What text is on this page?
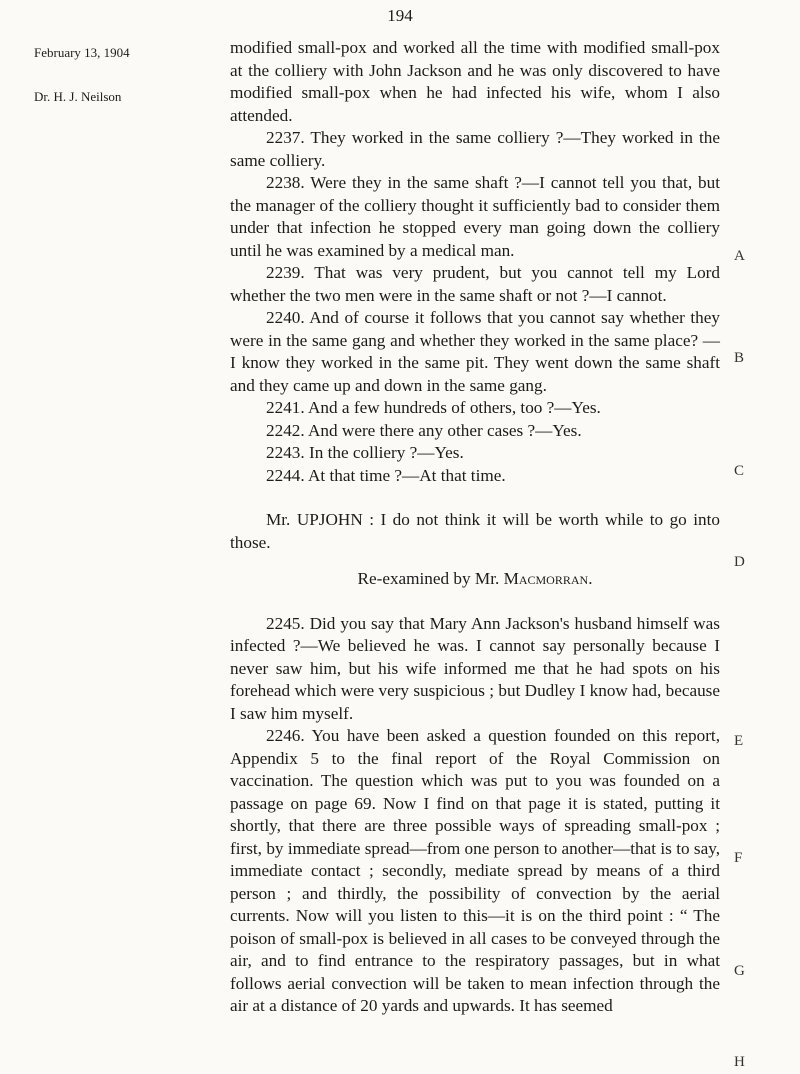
194
February 13, 1904
Dr. H. J. Neilson

modified small-pox and worked all the time with modified small-pox at the colliery with John Jackson and he was only discovered to have modified small-pox when he had infected his wife, whom I also attended.

2237. They worked in the same colliery ?—They worked in the same colliery.

2238. Were they in the same shaft ?—I cannot tell you that, but the manager of the colliery thought it sufficiently bad to consider them under that infection he stopped every man going down the colliery until he was examined by a medical man.

2239. That was very prudent, but you cannot tell my Lord whether the two men were in the same shaft or not ?—I cannot.

2240. And of course it follows that you cannot say whether they were in the same gang and whether they worked in the same place? —I know they worked in the same pit. They went down the same shaft and they came up and down in the same gang.

2241. And a few hundreds of others, too ?—Yes.

2242. And were there any other cases ?—Yes.

2243. In the colliery ?—Yes.

2244. At that time ?—At that time.

Mr. UPJOHN : I do not think it will be worth while to go into those.

Re-examined by Mr. Macmorran.

2245. Did you say that Mary Ann Jackson's husband himself was infected ?—We believed he was. I cannot say personally because I never saw him, but his wife informed me that he had spots on his forehead which were very suspicious ; but Dudley I know had, because I saw him myself.

2246. You have been asked a question founded on this report, Appendix 5 to the final report of the Royal Commission on vaccination. The question which was put to you was founded on a passage on page 69. Now I find on that page it is stated, putting it shortly, that there are three possible ways of spreading small-pox ; first, by immediate spread—from one person to another—that is to say, immediate contact ; secondly, mediate spread by means of a third person ; and thirdly, the possibility of convection by the aerial currents. Now will you listen to this—it is on the third point : “ The poison of small-pox is believed in all cases to be conveyed through the air, and to find entrance to the respiratory passages, but in what follows aerial convection will be taken to mean infection through the air at a distance of 20 yards and upwards. It has seemed

A
B
C
D
E
F
G
H
